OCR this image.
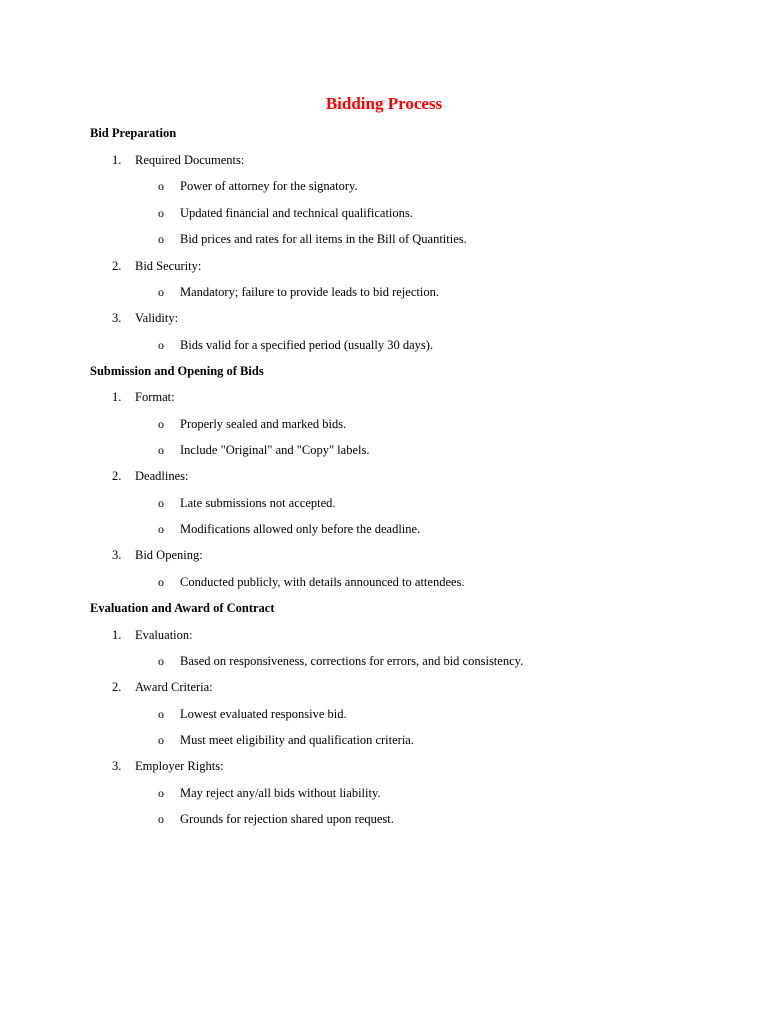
Bidding Process
Bid Preparation
1. Required Documents:
o Power of attorney for the signatory.
o Updated financial and technical qualifications.
o Bid prices and rates for all items in the Bill of Quantities.
2. Bid Security:
o Mandatory; failure to provide leads to bid rejection.
3. Validity:
o Bids valid for a specified period (usually 30 days).
Submission and Opening of Bids
1. Format:
o Properly sealed and marked bids.
o Include "Original" and "Copy" labels.
2. Deadlines:
o Late submissions not accepted.
o Modifications allowed only before the deadline.
3. Bid Opening:
o Conducted publicly, with details announced to attendees.
Evaluation and Award of Contract
1. Evaluation:
o Based on responsiveness, corrections for errors, and bid consistency.
2. Award Criteria:
o Lowest evaluated responsive bid.
o Must meet eligibility and qualification criteria.
3. Employer Rights:
o May reject any/all bids without liability.
o Grounds for rejection shared upon request.
